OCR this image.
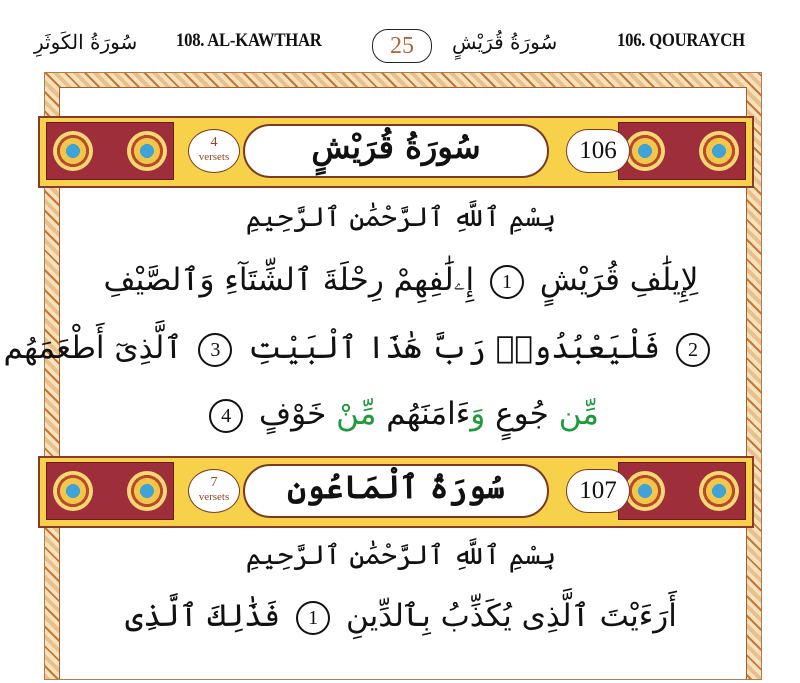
سُورَةُ الكَوثَرِ 108. AL-KAWTHAR	25	سُورَةُ قُرَيْشٍ	106. QOURAYCH
4
versets	سُورَةُ قُرَيْشٍ	106
بِسْمِ ٱللَّهِ ٱلرَّحْمَٰنِ ٱلرَّحِيمِ
لِإِيلَٰفِ قُرَيْشٍ 1 إِۦلَٰفِهِمْ رِحْلَةَ ٱلشِّتَآءِ وَٱلصَّيْفِ
2 فَلْيَعْبُدُوا۟ رَبَّ هَٰذَا ٱلْبَيْتِ 3 ٱلَّذِىٓ أَطْعَمَهُم
مِّن جُوعٍ وَءَامَنَهُم مِّنْ خَوْفٍ 4
7
versets	سُورَةُ ٱلْمَاعُونِ	107
بِسْمِ ٱللَّهِ ٱلرَّحْمَٰنِ ٱلرَّحِيمِ
أَرَءَيْتَ ٱلَّذِى يُكَذِّبُ بِٱلدِّينِ 1 فَذَٰلِكَ ٱلَّذِى
